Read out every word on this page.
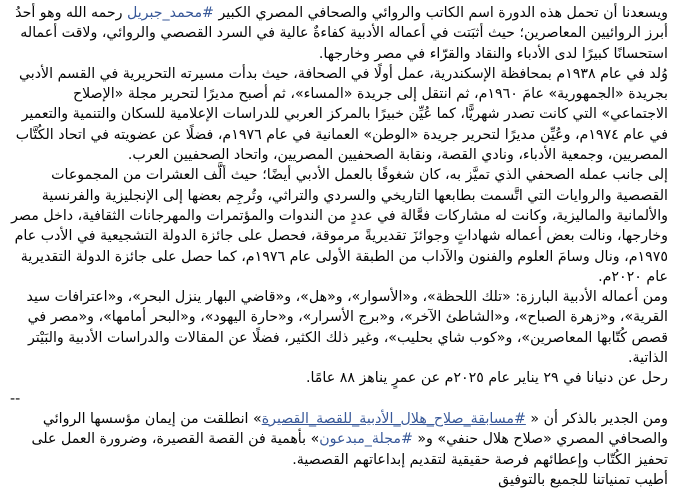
ويسعدنا أن تحمل هذه الدورة اسم الكاتب والروائي والصحافي المصري الكبير #محمد_جبريل رحمه الله وهو أحدُ أبرز الروائيين المعاصرين؛ حيث أثبَتت في أعماله الأدبية كفاءةٌ عالية في السرد القصصي والروائي، ولاقت أعماله استحسانًا كبيرًا لدى الأدباء والنقاد والقرّاء في مصر وخارجها.

وُلد في عام ١٩٣٨م بمحافظة الإسكندرية، عمل أولًا في الصحافة، حيث بدأت مسيرته التحريرية في القسم الأدبي بجريدة «الجمهورية» عامَ ١٩٦٠م، ثم انتقل إلى جريدة «المساء»، ثم أصبح مديرًا لتحرير مجلة «الإصلاح الاجتماعي» التي كانت تصدر شهريًّا، كما عُيِّن خبيرًا بالمركز العربي للدراسات الإعلامية للسكان والتنمية والتعمير في عام ١٩٧٤م، وعُيِّن مديرًا لتحرير جريدة «الوطن» العمانية في عام ١٩٧٦م، فضلًا عن عضويته في اتحاد الكُتَّاب المصريين، وجمعية الأدباء، ونادي القصة، ونقابة الصحفيين المصريين، واتحاد الصحفيين العرب.

إلى جانب عمله الصحفي الذي تميَّز به، كان شغوفًا بالعمل الأدبي أيضًا؛ حيث ألَّف العشرات من المجموعات القصصية والروايات التي اتَّسمت بطابعها التاريخي والسردي والتراثي، وتُرجِم بعضها إلى الإنجليزية والفرنسية والألمانية والماليزية، وكانت له مشاركات فعَّالة في عددٍ من الندوات والمؤتمرات والمهرجانات الثقافية، داخل مصر وخارجها، ونالت بعض أعماله شهاداتٍ وجوائزَ تقديريةً مرموقة، فحصل على جائزة الدولة التشجيعية في الأدب عام ١٩٧٥م، ونال وسامَ العلوم والفنون والآداب من الطبقة الأولى عام ١٩٧٦م، كما حصل على جائزة الدولة التقديرية عام ٢٠٢٠م.

ومن أعماله الأدبية البارزة: «تلك اللحظة»، و«الأسوار»، و«هل»، و«قاضي البهار ينزل البحر»، و«اعترافات سيد القرية»، و«زهرة الصباح»، و«الشاطئ الآخر»، و«برج الأسرار»، و«حارة اليهود»، و«البحر أمامها»، و«مصر في قصص كُتّابها المعاصرين»، و«كوب شاي بحليب»، وغير ذلك الكثير، فضلًا عن المقالات والدراسات الأدبية والبَيْتر الذاتية.

رحل عن دنيانا في ٢٩ يناير عام ٢٠٢٥م عن عمرٍ يناهز ٨٨ عامًا.

--

ومن الجدير بالذكر أن « #مسابقة_صلاح_هلال_الأدبية_للقصة_القصيرة» انطلقت من إيمان مؤسسها الروائي والصحافي المصري «صلاح هلال حنفي» و« #مجلة_مبدعون» بأهمية فن القصة القصيرة، وضرورة العمل على تحفيز الكُتّاب وإعطائهم فرصة حقيقية لتقديم إبداعاتهم القصصية.

أطيب تمنياتنا للجميع بالتوفيق
